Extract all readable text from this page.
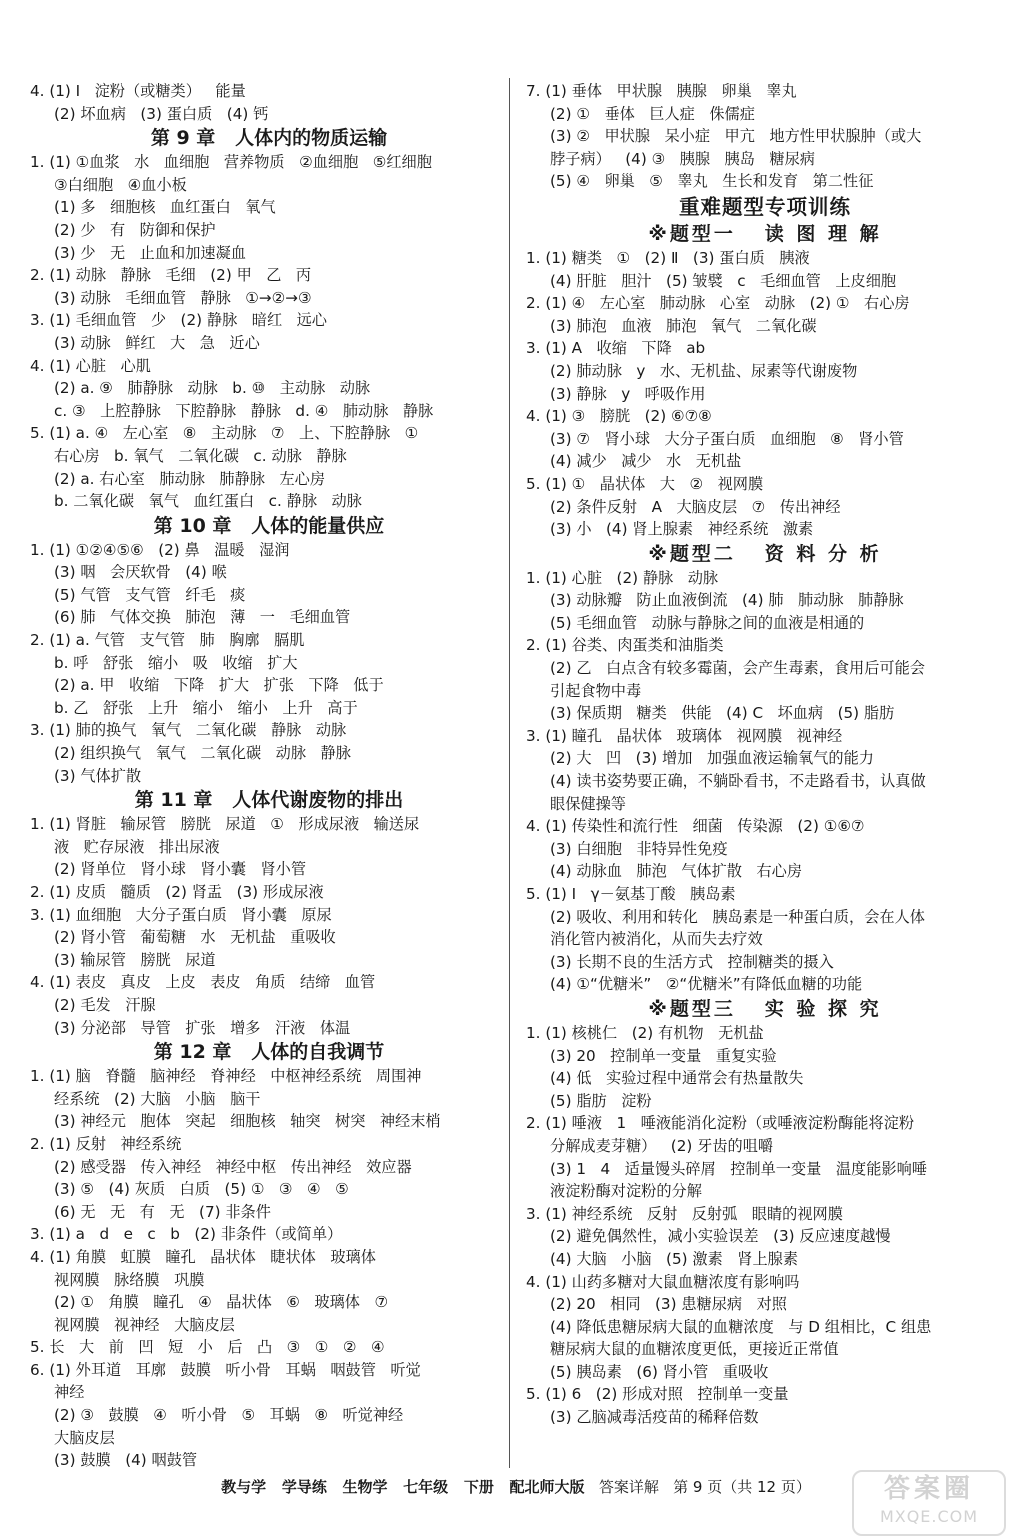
4. (1) Ⅰ   淀粉（或糖类）   能量
(2) 坏血病   (3) 蛋白质   (4) 钙
第 9 章   人体内的物质运输
1. (1) ①血浆   水   血细胞   营养物质   ②血细胞   ⑤红细胞
③白细胞   ④血小板
(1) 多   细胞核   血红蛋白   氧气
(2) 少   有   防御和保护
(3) 少   无   止血和加速凝血
2. (1) 动脉   静脉   毛细   (2) 甲   乙   丙
(3) 动脉   毛细血管   静脉   ①→②→③
3. (1) 毛细血管   少   (2) 静脉   暗红   远心
(3) 动脉   鲜红   大   急   近心
4. (1) 心脏   心肌
(2) a. ⑨   肺静脉   动脉   b. ⑩   主动脉   动脉
c. ③   上腔静脉   下腔静脉   静脉   d. ④   肺动脉   静脉
5. (1) a. ④   左心室   ⑧   主动脉   ⑦   上、下腔静脉   ①
右心房   b. 氧气   二氧化碳   c. 动脉   静脉
(2) a. 右心室   肺动脉   肺静脉   左心房
b. 二氧化碳   氧气   血红蛋白   c. 静脉   动脉
第 10 章   人体的能量供应
1. (1) ①②④⑤⑥   (2) 鼻   温暖   湿润
(3) 咽   会厌软骨   (4) 喉
(5) 气管   支气管   纤毛   痰
(6) 肺   气体交换   肺泡   薄   一   毛细血管
2. (1) a. 气管   支气管   肺   胸廓   膈肌
b. 呼   舒张   缩小   吸   收缩   扩大
(2) a. 甲   收缩   下降   扩大   扩张   下降   低于
b. 乙   舒张   上升   缩小   缩小   上升   高于
3. (1) 肺的换气   氧气   二氧化碳   静脉   动脉
(2) 组织换气   氧气   二氧化碳   动脉   静脉
(3) 气体扩散
第 11 章   人体代谢废物的排出
1. (1) 肾脏   输尿管   膀胱   尿道   ①   形成尿液   输送尿
液   贮存尿液   排出尿液
(2) 肾单位   肾小球   肾小囊   肾小管
2. (1) 皮质   髓质   (2) 肾盂   (3) 形成尿液
3. (1) 血细胞   大分子蛋白质   肾小囊   原尿
(2) 肾小管   葡萄糖   水   无机盐   重吸收
(3) 输尿管   膀胱   尿道
4. (1) 表皮   真皮   上皮   表皮   角质   结缔   血管
(2) 毛发   汗腺
(3) 分泌部   导管   扩张   增多   汗液   体温
第 12 章   人体的自我调节
1. (1) 脑   脊髓   脑神经   脊神经   中枢神经系统   周围神
经系统   (2) 大脑   小脑   脑干
(3) 神经元   胞体   突起   细胞核   轴突   树突   神经末梢
2. (1) 反射   神经系统
(2) 感受器   传入神经   神经中枢   传出神经   效应器
(3) ⑤   (4) 灰质   白质   (5) ①   ③   ④   ⑤
(6) 无   无   有   无   (7) 非条件
3. (1) a   d   e   c   b   (2) 非条件（或简单）
4. (1) 角膜   虹膜   瞳孔   晶状体   睫状体   玻璃体
视网膜   脉络膜   巩膜
(2) ①   角膜   瞳孔   ④   晶状体   ⑥   玻璃体   ⑦
视网膜   视神经   大脑皮层
5. 长   大   前   凹   短   小   后   凸   ③   ①   ②   ④
6. (1) 外耳道   耳廓   鼓膜   听小骨   耳蜗   咽鼓管   听觉
神经
(2) ③   鼓膜   ④   听小骨   ⑤   耳蜗   ⑧   听觉神经
大脑皮层
(3) 鼓膜   (4) 咽鼓管
7. (1) 垂体   甲状腺   胰腺   卵巢   睾丸
(2) ①   垂体   巨人症   侏儒症
(3) ②   甲状腺   呆小症   甲亢   地方性甲状腺肿（或大
脖子病）   (4) ③   胰腺   胰岛   糖尿病
(5) ④   卵巢   ⑤   睾丸   生长和发育   第二性征
重难题型专项训练
※题型一   读 图 理 解
1. (1) 糖类   ①   (2) Ⅱ   (3) 蛋白质   胰液
(4) 肝脏   胆汁   (5) 皱襞   c   毛细血管   上皮细胞
2. (1) ④   左心室   肺动脉   心室   动脉   (2) ①   右心房
(3) 肺泡   血液   肺泡   氧气   二氧化碳
3. (1) A   收缩   下降   ab
(2) 肺动脉   y   水、无机盐、尿素等代谢废物
(3) 静脉   y   呼吸作用
4. (1) ③   膀胱   (2) ⑥⑦⑧
(3) ⑦   肾小球   大分子蛋白质   血细胞   ⑧   肾小管
(4) 减少   减少   水   无机盐
5. (1) ①   晶状体   大   ②   视网膜
(2) 条件反射   A   大脑皮层   ⑦   传出神经
(3) 小   (4) 肾上腺素   神经系统   激素
※题型二   资 料 分 析
1. (1) 心脏   (2) 静脉   动脉
(3) 动脉瓣   防止血液倒流   (4) 肺   肺动脉   肺静脉
(5) 毛细血管   动脉与静脉之间的血液是相通的
2. (1) 谷类、肉蛋类和油脂类
(2) 乙   白点含有较多霉菌，会产生毒素，食用后可能会
引起食物中毒
(3) 保质期   糖类   供能   (4) C   坏血病   (5) 脂肪
3. (1) 瞳孔   晶状体   玻璃体   视网膜   视神经
(2) 大   凹   (3) 增加   加强血液运输氧气的能力
(4) 读书姿势要正确，不躺卧看书，不走路看书，认真做
眼保健操等
4. (1) 传染性和流行性   细菌   传染源   (2) ①⑥⑦
(3) 白细胞   非特异性免疫
(4) 动脉血   肺泡   气体扩散   右心房
5. (1) Ⅰ   γ－氨基丁酸   胰岛素
(2) 吸收、利用和转化   胰岛素是一种蛋白质，会在人体
消化管内被消化，从而失去疗效
(3) 长期不良的生活方式   控制糖类的摄入
(4) ①“优糖米”   ②“优糖米”有降低血糖的功能
※题型三   实 验 探 究
1. (1) 核桃仁   (2) 有机物   无机盐
(3) 20   控制单一变量   重复实验
(4) 低   实验过程中通常会有热量散失
(5) 脂肪   淀粉
2. (1) 唾液   1   唾液能消化淀粉（或唾液淀粉酶能将淀粉
分解成麦芽糖）   (2) 牙齿的咀嚼
(3) 1   4   适量馒头碎屑   控制单一变量   温度能影响唾
液淀粉酶对淀粉的分解
3. (1) 神经系统   反射   反射弧   眼睛的视网膜
(2) 避免偶然性，减小实验误差   (3) 反应速度越慢
(4) 大脑   小脑   (5) 激素   肾上腺素
4. (1) 山药多糖对大鼠血糖浓度有影响吗
(2) 20   相同   (3) 患糖尿病   对照
(4) 降低患糖尿病大鼠的血糖浓度   与 D 组相比，C 组患
糖尿病大鼠的血糖浓度更低，更接近正常值
(5) 胰岛素   (6) 肾小管   重吸收
5. (1) 6   (2) 形成对照   控制单一变量
(3) 乙脑减毒活疫苗的稀释倍数
教与学   学导练   生物学   七年级   下册   配北师大版   答案详解   第 9 页（共 12 页）	答案圈
MXQE.COM
